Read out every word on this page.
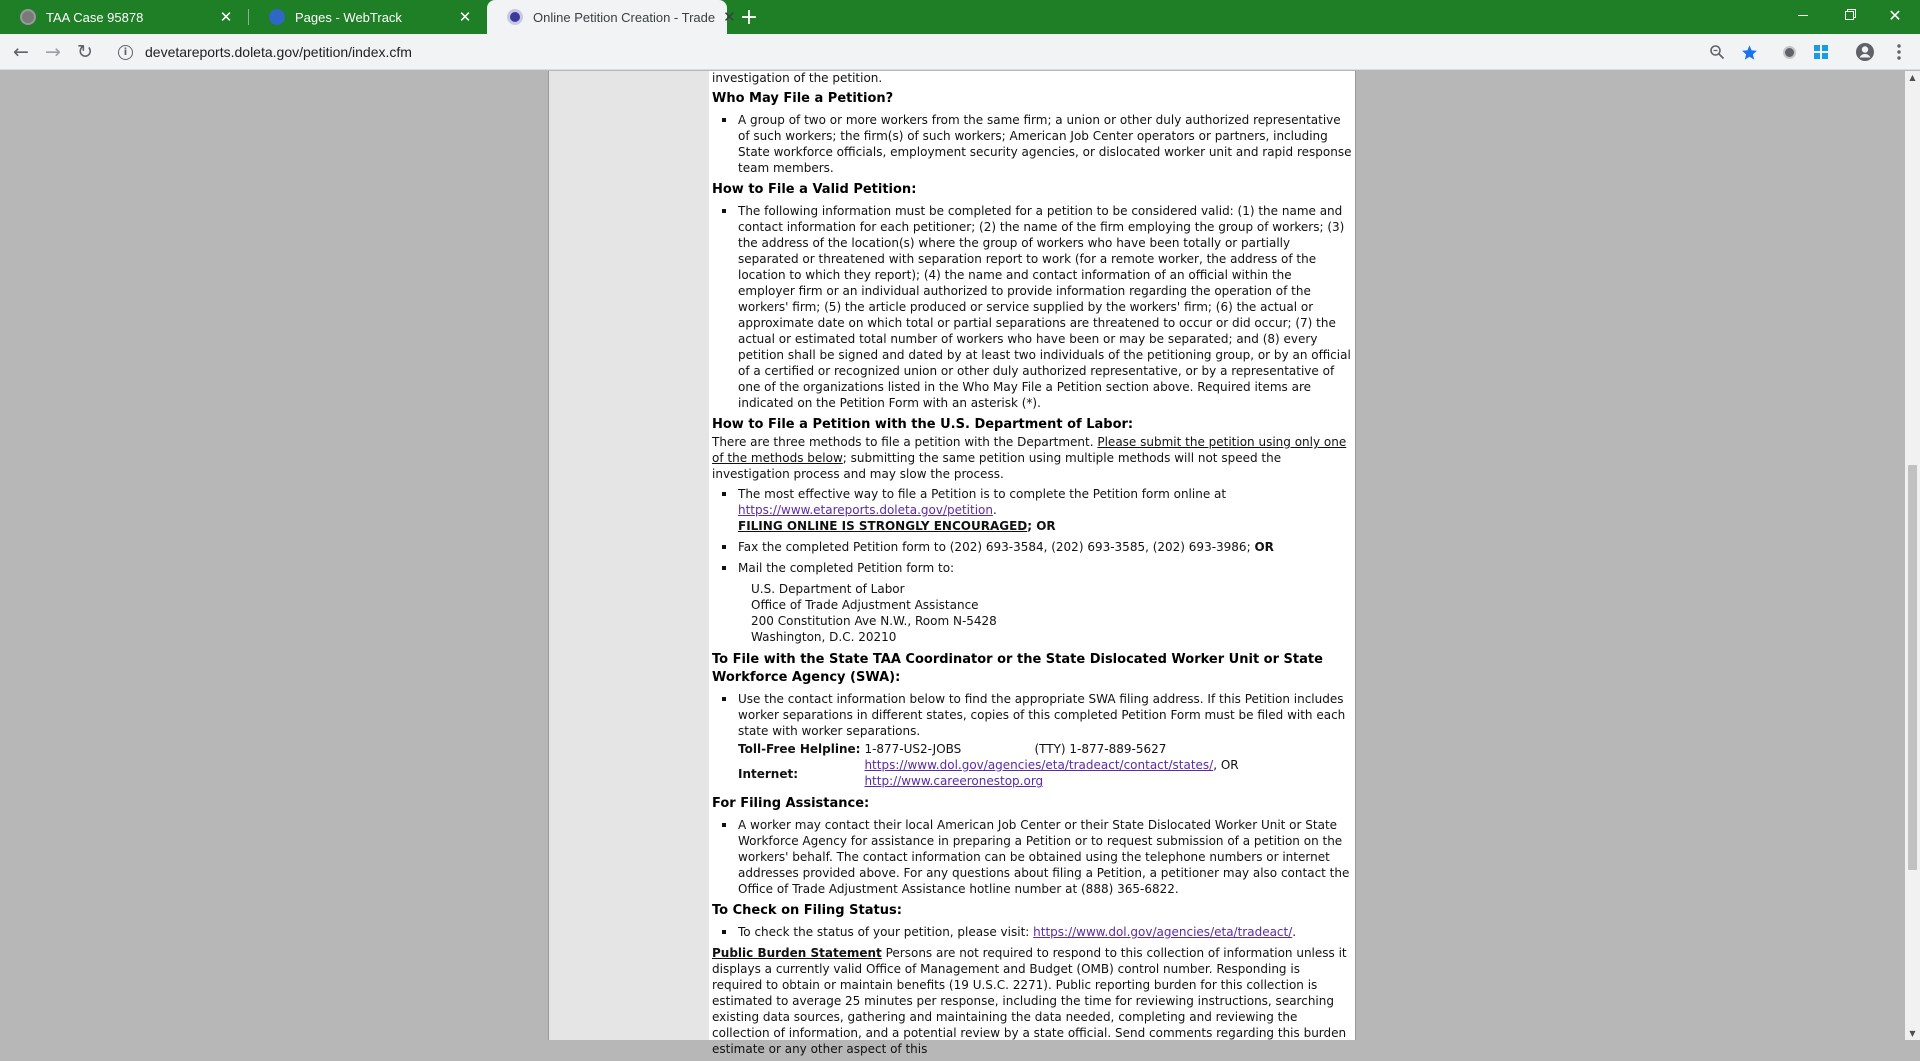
TAA Case 95878	✕	Pages - WebTrack	✕	Online Petition Creation - Trade ✕ +	✕
← → ↻	i	devetareports.doleta.gov/petition/index.cfm

investigation of the petition.

Who May File a Petition?
A group of two or more workers from the same firm; a union or other duly authorized representative of such workers; the firm(s) of such workers; American Job Center operators or partners, including State workforce officials, employment security agencies, or dislocated worker unit and rapid response team members.
How to File a Valid Petition:
The following information must be completed for a petition to be considered valid: (1) the name and contact information for each petitioner; (2) the name of the firm employing the group of workers; (3) the address of the location(s) where the group of workers who have been totally or partially separated or threatened with separation report to work (for a remote worker, the address of the location to which they report); (4) the name and contact information of an official within the employer firm or an individual authorized to provide information regarding the operation of the workers' firm; (5) the article produced or service supplied by the workers' firm; (6) the actual or approximate date on which total or partial separations are threatened to occur or did occur; (7) the actual or estimated total number of workers who have been or may be separated; and (8) every petition shall be signed and dated by at least two individuals of the petitioning group, or by an official of a certified or recognized union or other duly authorized representative, or by a representative of one of the organizations listed in the Who May File a Petition section above. Required items are indicated on the Petition Form with an asterisk (*).
How to File a Petition with the U.S. Department of Labor:

There are three methods to file a petition with the Department. Please submit the petition using only one of the methods below; submitting the same petition using multiple methods will not speed the investigation process and may slow the process.

The most effective way to file a Petition is to complete the Petition form online at
https://www.etareports.doleta.gov/petition.
FILING ONLINE IS STRONGLY ENCOURAGED; OR
Fax the completed Petition form to (202) 693-3584, (202) 693-3585, (202) 693-3986; OR
Mail the completed Petition form to:
U.S. Department of Labor
Office of Trade Adjustment Assistance
200 Constitution Ave N.W., Room N-5428
Washington, D.C. 20210
To File with the State TAA Coordinator or the State Dislocated Worker Unit or State Workforce Agency (SWA):
Use the contact information below to find the appropriate SWA filing address. If this Petition includes worker separations in different states, copies of this completed Petition Form must be filed with each state with worker separations.
Toll-Free Helpline:	1-877-US2-JOBS	(TTY) 1-877-889-5627
Internet:	https://www.dol.gov/agencies/eta/tradeact/contact/states/, OR
http://www.careeronestop.org	
For Filing Assistance:
A worker may contact their local American Job Center or their State Dislocated Worker Unit or State Workforce Agency for assistance in preparing a Petition or to request submission of a petition on the workers' behalf. The contact information can be obtained using the telephone numbers or internet addresses provided above. For any questions about filing a Petition, a petitioner may also contact the Office of Trade Adjustment Assistance hotline number at (888) 365-6822.
To Check on Filing Status:
To check the status of your petition, please visit: https://www.dol.gov/agencies/eta/tradeact/.

Public Burden Statement Persons are not required to respond to this collection of information unless it displays a currently valid Office of Management and Budget (OMB) control number. Responding is required to obtain or maintain benefits (19 U.S.C. 2271). Public reporting burden for this collection is estimated to average 25 minutes per response, including the time for reviewing instructions, searching existing data sources, gathering and maintaining the data needed, completing and reviewing the collection of information, and a potential review by a state official. Send comments regarding this burden estimate or any other aspect of this

▲
▼
